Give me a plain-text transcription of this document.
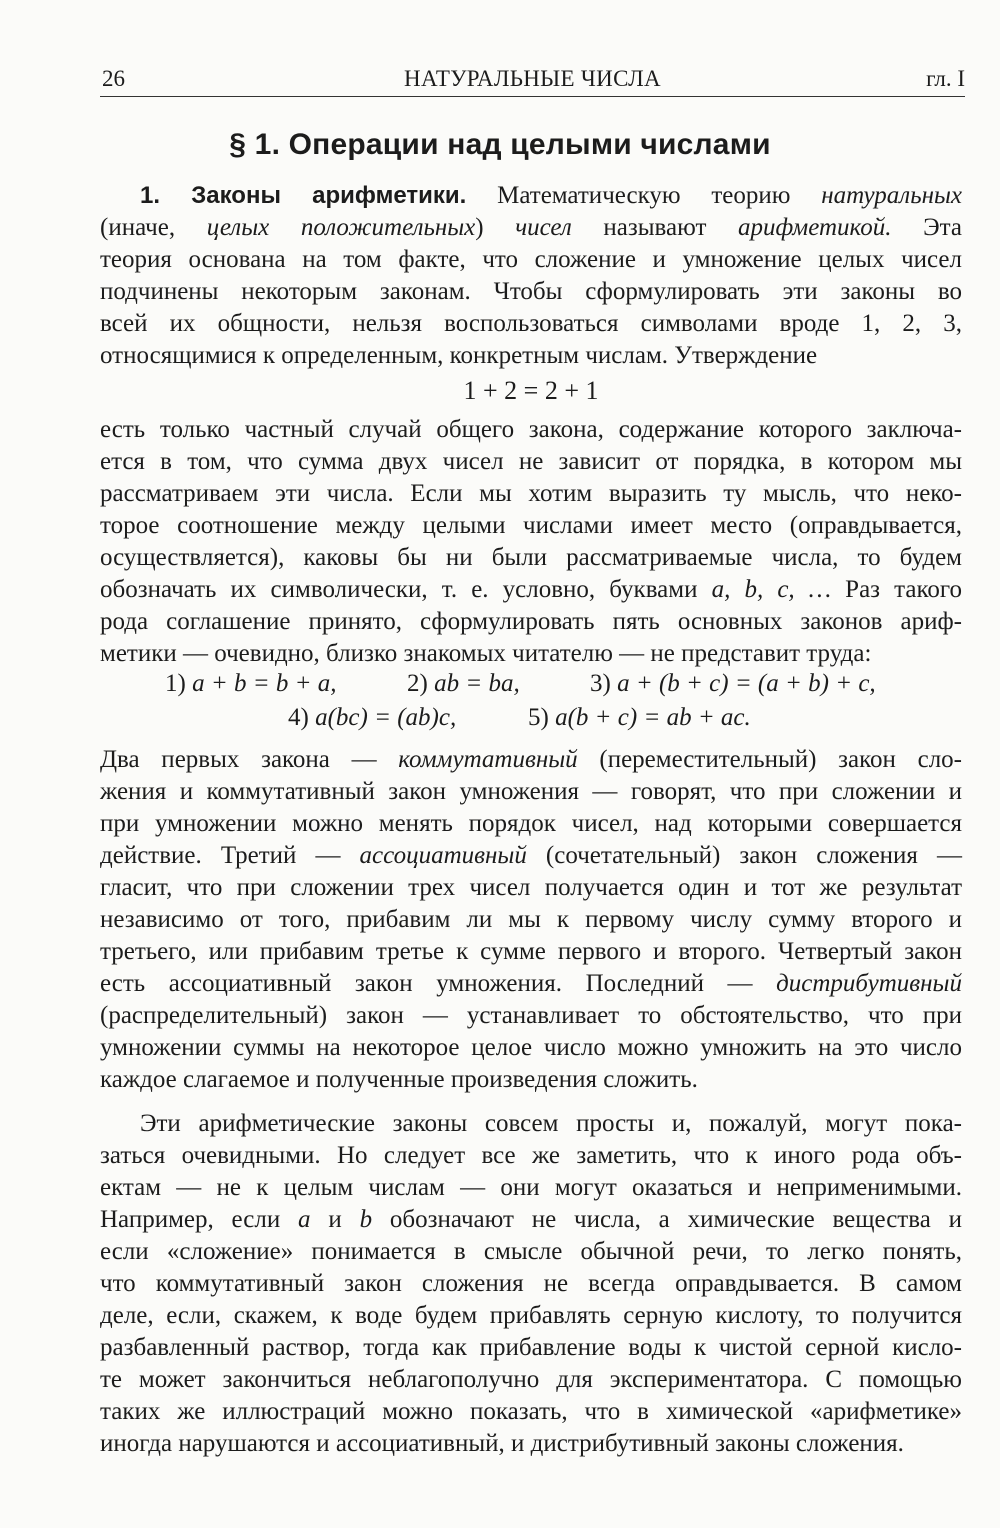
26	НАТУРАЛЬНЫЕ ЧИСЛА	гл. I
§ 1. Операции над целыми числами
1. Законы арифметики. Математическую теорию натуральных
(иначе, целых положительных) чисел называют арифметикой. Эта
теория основана на том факте, что сложение и умножение целых чисел
подчинены некоторым законам. Чтобы сформулировать эти законы во
всей их общности, нельзя воспользоваться символами вроде 1, 2, 3,
относящимися к определенным, конкретным числам. Утверждение
1 + 2 = 2 + 1
есть только частный случай общего закона, содержание которого заключа-
ется в том, что сумма двух чисел не зависит от порядка, в котором мы
рассматриваем эти числа. Если мы хотим выразить ту мысль, что неко-
торое соотношение между целыми числами имеет место (оправдывается,
осуществляется), каковы бы ни были рассматриваемые числа, то будем
обозначать их символически, т. е. условно, буквами a, b, c, … Раз такого
рода соглашение принято, сформулировать пять основных законов ариф-
метики — очевидно, близко знакомых читателю — не представит труда:
1) a + b = b + a,	2) ab = ba,	3) a + (b + c) = (a + b) + c,
4) a(bc) = (ab)c,	5) a(b + c) = ab + ac.
Два первых закона — коммутативный (переместительный) закон сло-
жения и коммутативный закон умножения — говорят, что при сложении и
при умножении можно менять порядок чисел, над которыми совершается
действие. Третий — ассоциативный (сочетательный) закон сложения —
гласит, что при сложении трех чисел получается один и тот же результат
независимо от того, прибавим ли мы к первому числу сумму второго и
третьего, или прибавим третье к сумме первого и второго. Четвертый закон
есть ассоциативный закон умножения. Последний — дистрибутивный
(распределительный) закон — устанавливает то обстоятельство, что при
умножении суммы на некоторое целое число можно умножить на это число
каждое слагаемое и полученные произведения сложить.
Эти арифметические законы совсем просты и, пожалуй, могут пока-
заться очевидными. Но следует все же заметить, что к иного рода объ-
ектам — не к целым числам — они могут оказаться и неприменимыми.
Например, если a и b обозначают не числа, а химические вещества и
если «сложение» понимается в смысле обычной речи, то легко понять,
что коммутативный закон сложения не всегда оправдывается. В самом
деле, если, скажем, к воде будем прибавлять серную кислоту, то получится
разбавленный раствор, тогда как прибавление воды к чистой серной кисло-
те может закончиться неблагополучно для экспериментатора. С помощью
таких же иллюстраций можно показать, что в химической «арифметике»
иногда нарушаются и ассоциативный, и дистрибутивный законы сложения.
